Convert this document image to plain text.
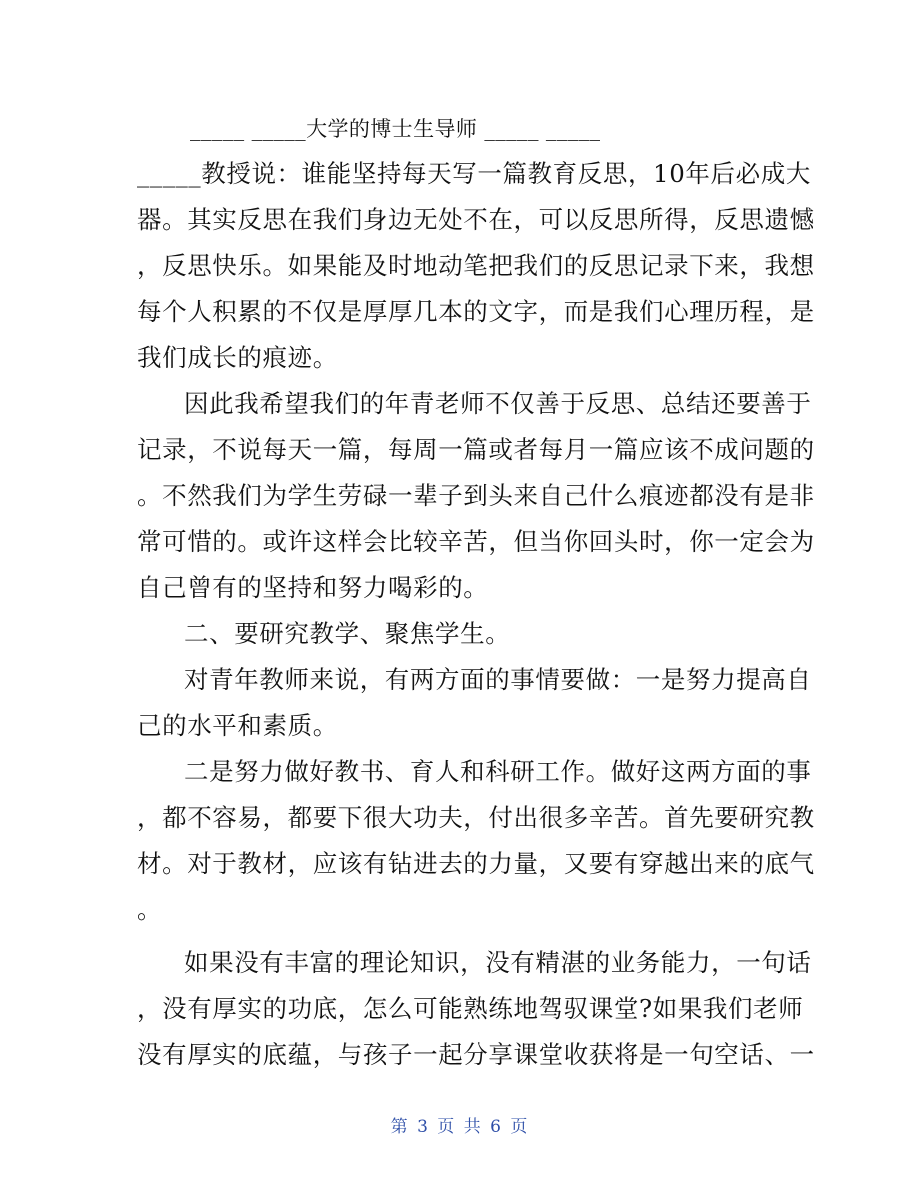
_____ _____大学的博士生导师 _____ _____
_____教授说：谁能坚持每天写一篇教育反思，10年后必成大
器。其实反思在我们身边无处不在，可以反思所得，反思遗憾
，反思快乐。如果能及时地动笔把我们的反思记录下来，我想
每个人积累的不仅是厚厚几本的文字，而是我们心理历程，是
我们成长的痕迹。
因此我希望我们的年青老师不仅善于反思、总结还要善于
记录，不说每天一篇，每周一篇或者每月一篇应该不成问题的
。不然我们为学生劳碌一辈子到头来自己什么痕迹都没有是非
常可惜的。或许这样会比较辛苦，但当你回头时，你一定会为
自己曾有的坚持和努力喝彩的。
二、要研究教学、聚焦学生。
对青年教师来说，有两方面的事情要做：一是努力提高自
己的水平和素质。
二是努力做好教书、育人和科研工作。做好这两方面的事
，都不容易，都要下很大功夫，付出很多辛苦。首先要研究教
材。对于教材，应该有钻进去的力量，又要有穿越出来的底气
。
如果没有丰富的理论知识，没有精湛的业务能力，一句话
，没有厚实的功底，怎么可能熟练地驾驭课堂?如果我们老师
没有厚实的底蕴，与孩子一起分享课堂收获将是一句空话、一
第 3 页 共 6 页
